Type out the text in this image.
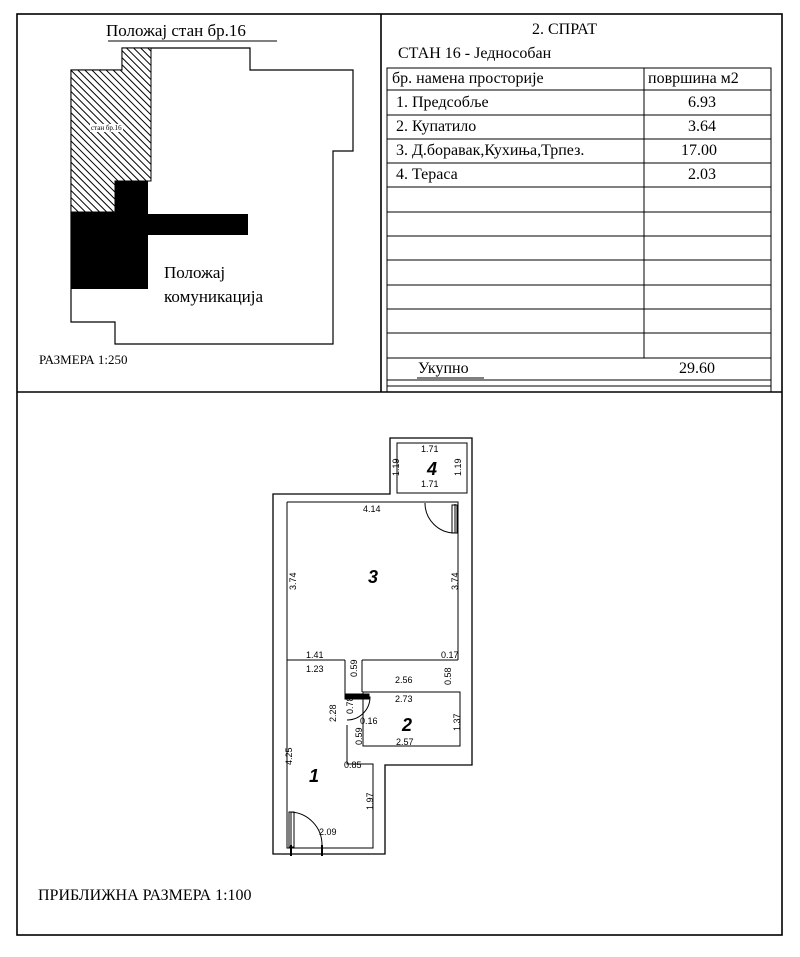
Положај стан бр.16
стан бр.16
Положај
комуникација
РАЗМЕРА 1:250
2. СПРАТ
СТАН 16 - Једнособан
бр. намена просторије	површина м2
1. Предсобље	6.93
2. Купатило	3.64
3. Д.боравак,Кухиња,Трпез.	17.00
4. Тераса	2.03
Укупно	29.60
4
3
2
1
1.71
1.71
1.19	1.19
4.14
3.74	3.74
1.41
1.23	0.59
0.17
2.56	0.58
2.73
2.28 0.78
0.16
0.59
1.37
2.57
4.25	0.85
1.97
2.09
ПРИБЛИЖНА РАЗМЕРА 1:100
